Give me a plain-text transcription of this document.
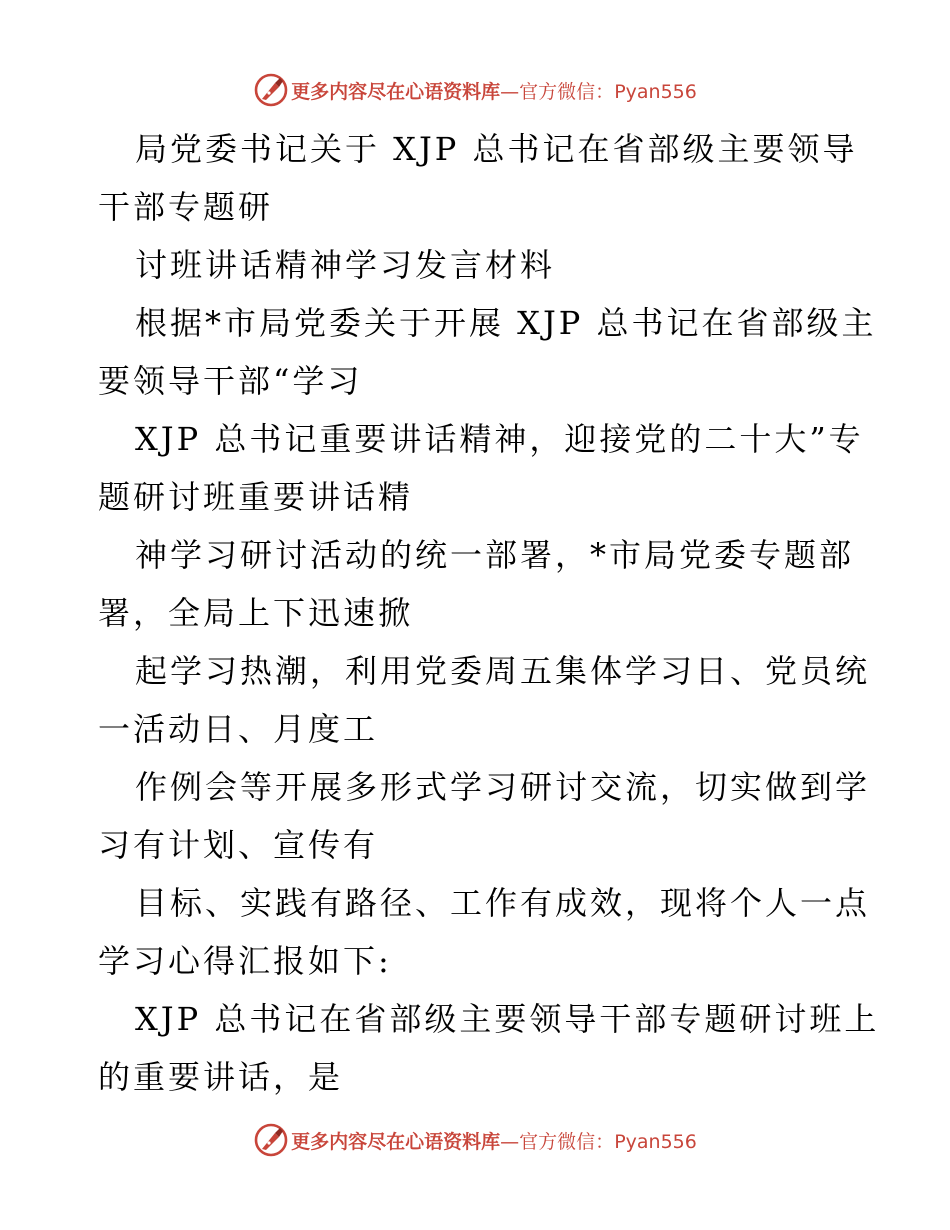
更多内容尽在心语资料库—官方微信：Pyan556
局党委书记关于 XJP 总书记在省部级主要领导
干部专题研
讨班讲话精神学习发言材料
根据*市局党委关于开展 XJP 总书记在省部级主
要领导干部“学习
XJP 总书记重要讲话精神，迎接党的二十大”专
题研讨班重要讲话精
神学习研讨活动的统一部署，*市局党委专题部
署，全局上下迅速掀
起学习热潮，利用党委周五集体学习日、党员统
一活动日、月度工
作例会等开展多形式学习研讨交流，切实做到学
习有计划、宣传有
目标、实践有路径、工作有成效，现将个人一点
学习心得汇报如下:
XJP 总书记在省部级主要领导干部专题研讨班上
的重要讲话，是
更多内容尽在心语资料库—官方微信：Pyan556
